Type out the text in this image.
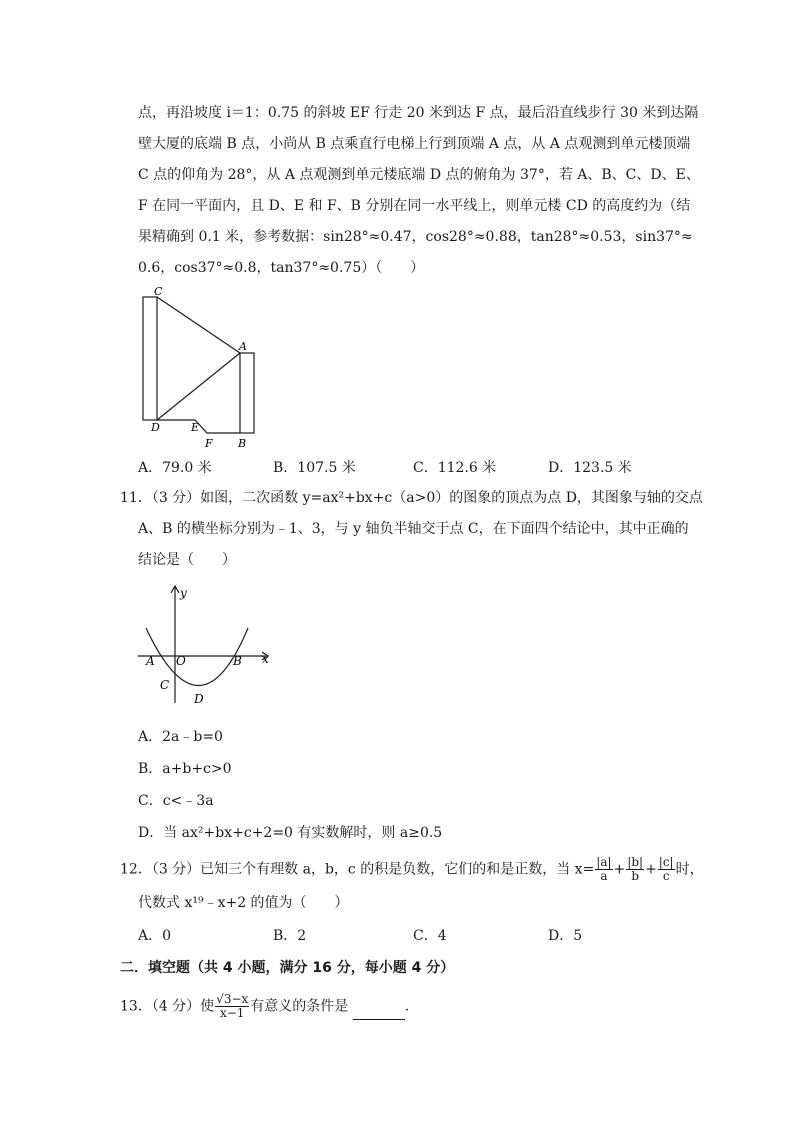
点，再沿坡度 i＝1：0.75 的斜坡 EF 行走 20 米到达 F 点，最后沿直线步行 30 米到达隔
壁大厦的底端 B 点，小尚从 B 点乘直行电梯上行到顶端 A 点，从 A 点观测到单元楼顶端
C 点的仰角为 28°，从 A 点观测到单元楼底端 D 点的俯角为 37°，若 A、B、C、D、E、
F 在同一平面内，且 D、E 和 F、B 分别在同一水平线上，则单元楼 CD 的高度约为（结
果精确到 0.1 米，参考数据：sin28°≈0.47，cos28°≈0.88，tan28°≈0.53，sin37°≈
0.6，cos37°≈0.8，tan37°≈0.75）（　　）
C
A
D	E
F B
A．79.0 米	B．107.5 米	C．112.6 米	D．123.5 米
11．（3 分）如图，二次函数 y=ax²+bx+c（a>0）的图象的顶点为点 D，其图象与轴的交点
A、B 的横坐标分别为﹣1、3，与 y 轴负半轴交于点 C，在下面四个结论中，其中正确的
结论是（　　）
y
x
O
A	B
C
D
A．2a﹣b=0
B．a+b+c>0
C．c<﹣3a
D．当 ax²+bx+c+2=0 有实数解时，则 a≥0.5
12．（3 分）已知三个有理数 a，b，c 的积是负数，它们的和是正数，当 $x= \frac{|a|}{a} + \frac{|b|}{b} + \frac{|c|}{c}$ 时，
代数式 x¹⁹﹣x+2 的值为（　　）
A．0	B．2	C．4	D．5
二．填空题（共 4 小题，满分 16 分，每小题 4 分）
13．（4 分）使 $\frac{√3-x}{x-1}$ 有意义的条件是	.
